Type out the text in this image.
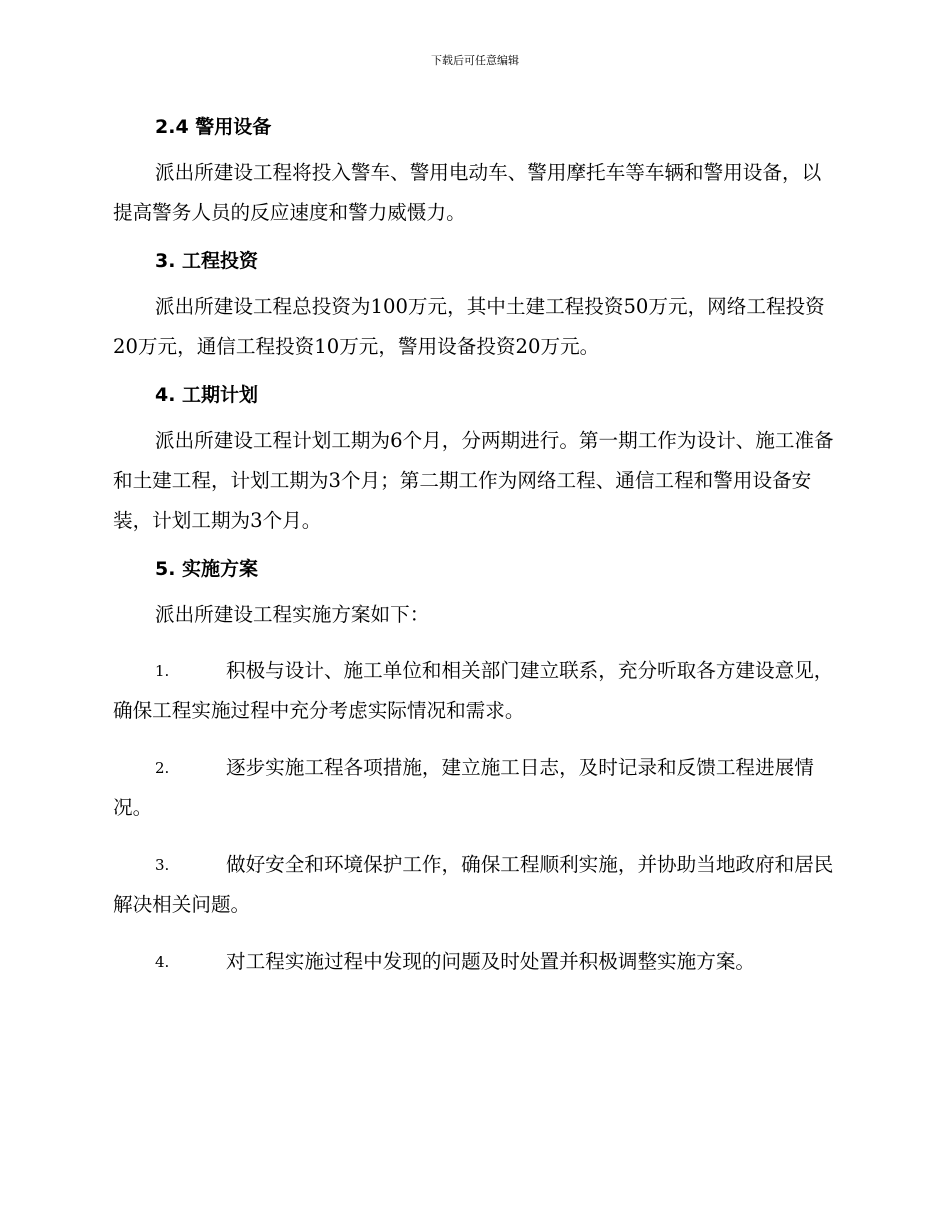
下载后可任意编辑
2.4 警用设备

派出所建设工程将投入警车、警用电动车、警用摩托车等车辆和警用设备，以提高警务人员的反应速度和警力威慑力。

3. 工程投资

派出所建设工程总投资为100万元，其中土建工程投资50万元，网络工程投资20万元，通信工程投资10万元，警用设备投资20万元。

4. 工期计划

派出所建设工程计划工期为6个月，分两期进行。第一期工作为设计、施工准备和土建工程，计划工期为3个月；第二期工作为网络工程、通信工程和警用设备安装，计划工期为3个月。

5. 实施方案

派出所建设工程实施方案如下：

1.	积极与设计、施工单位和相关部门建立联系，充分听取各方建设意见，确保工程实施过程中充分考虑实际情况和需求。
2.	逐步实施工程各项措施，建立施工日志，及时记录和反馈工程进展情况。
3.	做好安全和环境保护工作，确保工程顺利实施，并协助当地政府和居民解决相关问题。
4.	对工程实施过程中发现的问题及时处置并积极调整实施方案。
